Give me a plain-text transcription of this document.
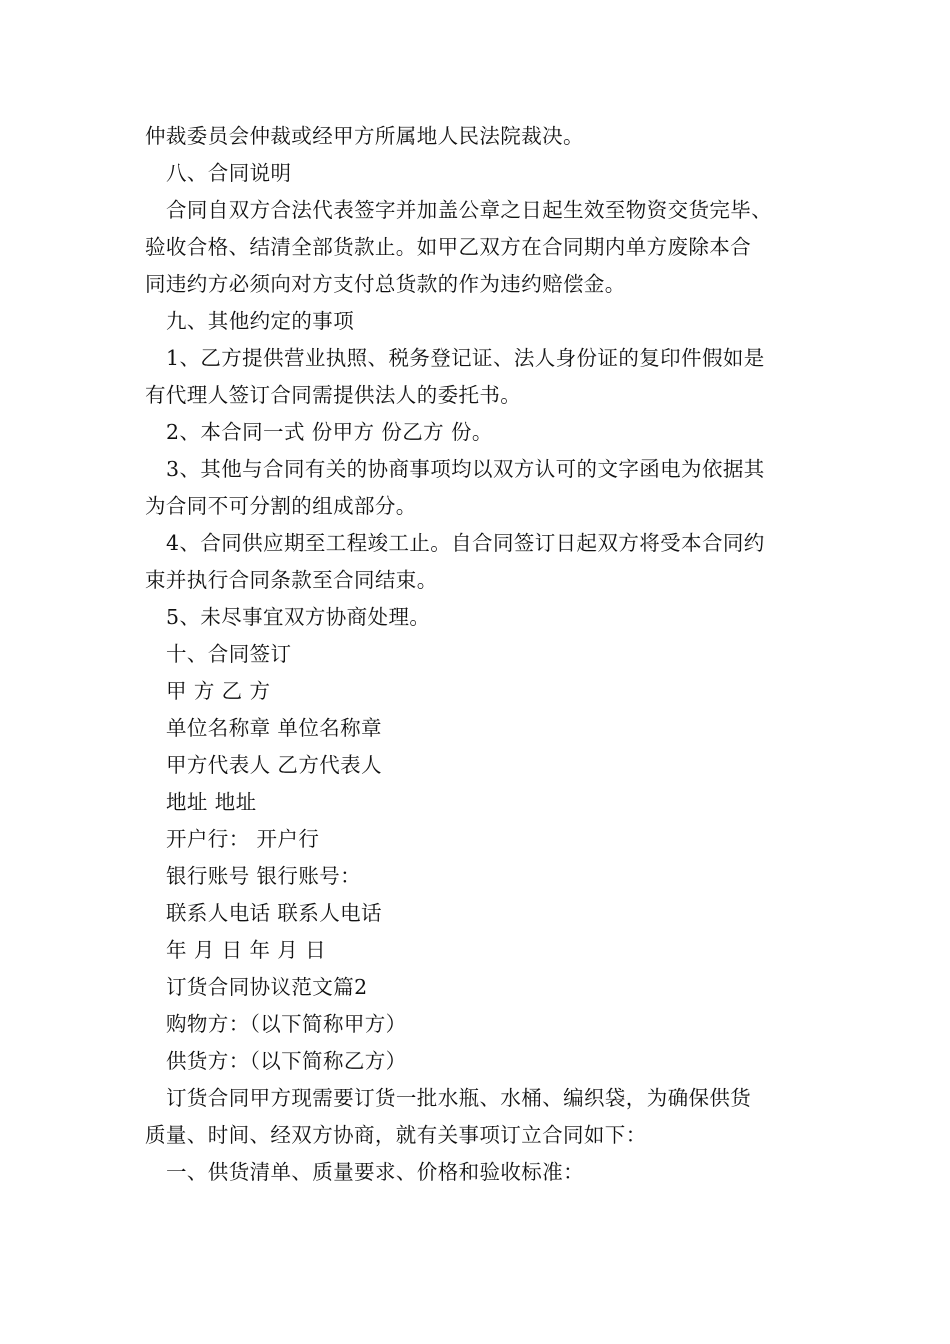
仲裁委员会仲裁或经甲方所属地人民法院裁决。
八、合同说明
合同自双方合法代表签字并加盖公章之日起生效至物资交货完毕、
验收合格、结清全部货款止。如甲乙双方在合同期内单方废除本合
同违约方必须向对方支付总货款的作为违约赔偿金。
九、其他约定的事项
1、乙方提供营业执照、税务登记证、法人身份证的复印件假如是
有代理人签订合同需提供法人的委托书。
2、本合同一式 份甲方 份乙方 份。
3、其他与合同有关的协商事项均以双方认可的文字函电为依据其
为合同不可分割的组成部分。
4、合同供应期至工程竣工止。自合同签订日起双方将受本合同约
束并执行合同条款至合同结束。
5、未尽事宜双方协商处理。
十、合同签订
甲 方 乙 方
单位名称章 单位名称章
甲方代表人 乙方代表人
地址 地址
开户行： 开户行
银行账号 银行账号：
联系人电话 联系人电话
年 月 日 年 月 日
订货合同协议范文篇2
购物方：（以下简称甲方）
供货方：（以下简称乙方）
订货合同甲方现需要订货一批水瓶、水桶、编织袋，为确保供货
质量、时间、经双方协商，就有关事项订立合同如下：
一、供货清单、质量要求、价格和验收标准：
